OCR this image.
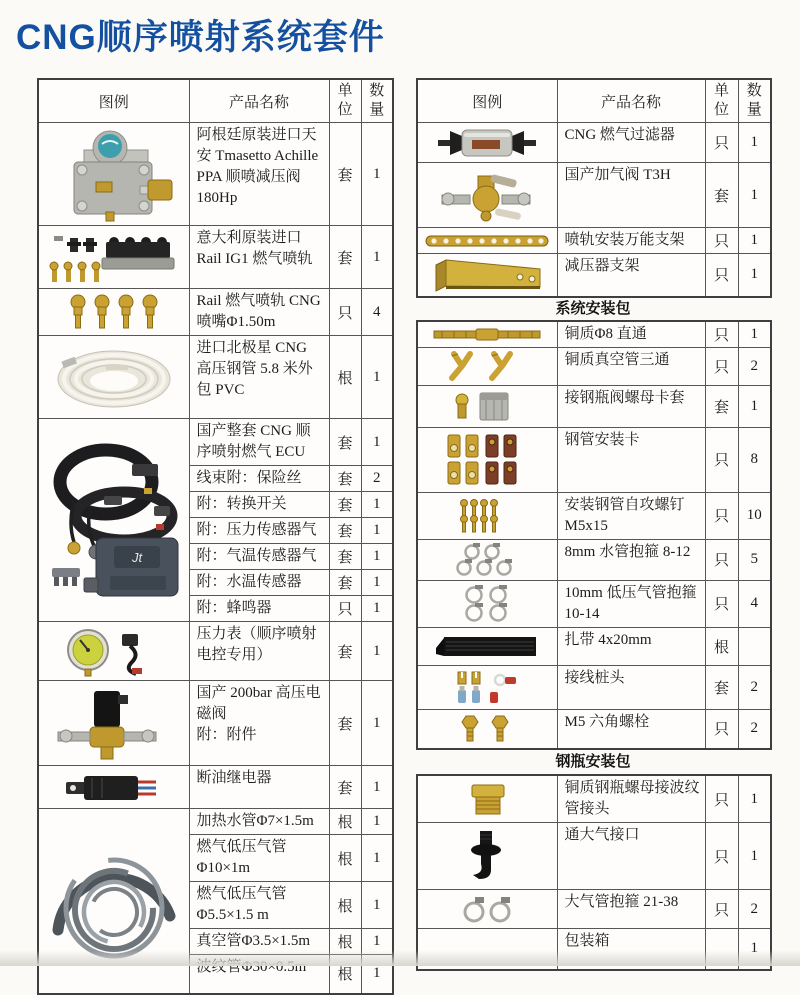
CNG顺序喷射系统套件
图例	产品名称	单位	数量

	阿根廷原装进口天安 Tmasetto Achille PPA 顺喷减压阀 180Hp	套	1

	意大利原装进口 Rail IG1 燃气喷轨	套	1

	Rail 燃气喷轨 CNG 喷嘴Φ1.50m	只	4

	进口北极星 CNG 高压钢管 5.8 米外包 PVC	根	1

Jt	国产整套 CNG 顺序喷射燃气 ECU	套	1
	线束附：保险丝	套	2
	附：转换开关	套	1
	附：压力传感器气	套	1
	附：气温传感器气	套	1
	附：水温传感器	套	1
	附：蜂鸣器	只	1

	压力表（顺序喷射电控专用）	套	1

国产 200bar 高压电磁阀
附：附件	套	1

	断油继电器	套	1

	加热水管Φ7×1.5m	根	1
	燃气低压气管Φ10×1m	根	1
	燃气低压气管Φ5.5×1.5 m	根	1
	真空管Φ3.5×1.5m	根	1
	波纹管Φ30×0.5m	根	1
图例	产品名称	单位	数量

	CNG 燃气过滤器	只	1

	国产加气阀 T3H	套	1

	喷轨安装万能支架	只	1

	减压器支架	只	1
系统安装包
	铜质Φ8 直通	只	1

	铜质真空管三通	只	2

	接钢瓶阀螺母卡套	套	1

	钢管安装卡	只	8

	安装钢管自攻螺钉 M5x15	只	10

	8mm 水管抱箍 8-12	只	5

	10mm 低压气管抱箍 10-14	只	4

	扎带 4x20mm	根	

	接线桩头	套	2

	M5 六角螺栓	只	2
钢瓶安装包
	铜质钢瓶螺母接波纹管接头	只	1

	通大气接口	只	1

	大气管抱箍 21-38	只	2
	包装箱		1
